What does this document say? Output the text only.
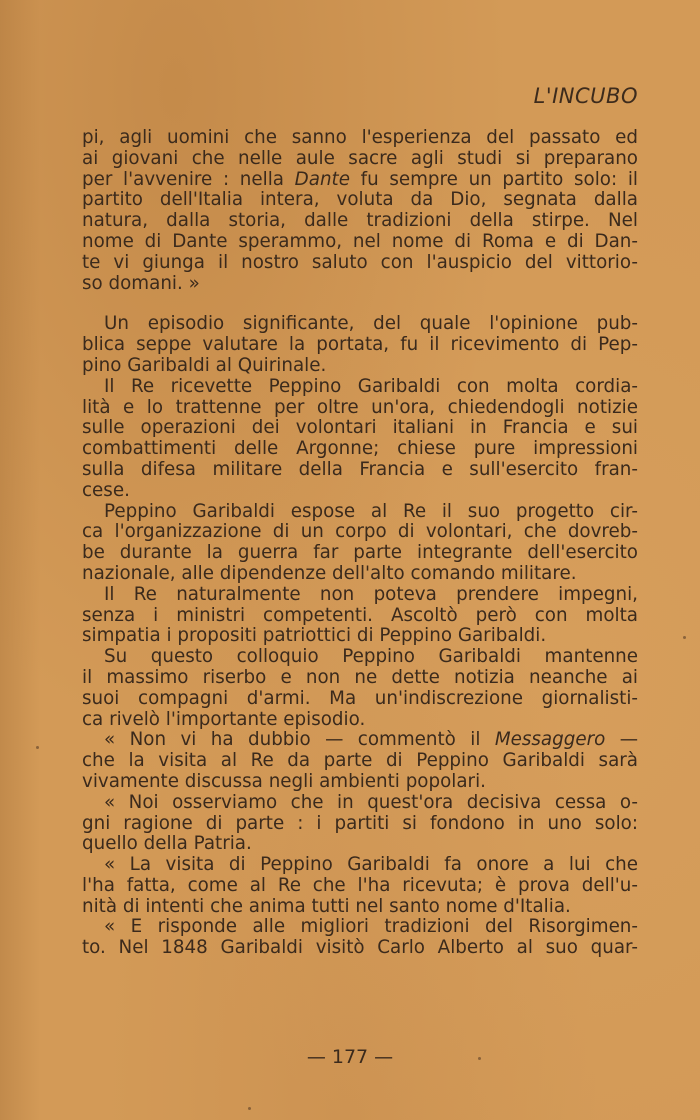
L'INCUBO

pi, agli uomini che sanno l'esperienza del passato ed

ai giovani che nelle aule sacre agli studi si preparano

per l'avvenire : nella Dante fu sempre un partito solo: il

partito dell'Italia intera, voluta da Dio, segnata dalla

natura, dalla storia, dalle tradizioni della stirpe. Nel

nome di Dante sperammo, nel nome di Roma e di Dan-

te vi giunga il nostro saluto con l'auspicio del vittorio-

so domani. »

Un episodio significante, del quale l'opinione pub-

blica seppe valutare la portata, fu il ricevimento di Pep-

pino Garibaldi al Quirinale.

Il Re ricevette Peppino Garibaldi con molta cordia-

lità e lo trattenne per oltre un'ora, chiedendogli notizie

sulle operazioni dei volontari italiani in Francia e sui

combattimenti delle Argonne; chiese pure impressioni

sulla difesa militare della Francia e sull'esercito fran-

cese.

Peppino Garibaldi espose al Re il suo progetto cir-

ca l'organizzazione di un corpo di volontari, che dovreb-

be durante la guerra far parte integrante dell'esercito

nazionale, alle dipendenze dell'alto comando militare.

Il Re naturalmente non poteva prendere impegni,

senza i ministri competenti. Ascoltò però con molta

simpatia i propositi patriottici di Peppino Garibaldi.

Su questo colloquio Peppino Garibaldi mantenne

il massimo riserbo e non ne dette notizia neanche ai

suoi compagni d'armi. Ma un'indiscrezione giornalisti-

ca rivelò l'importante episodio.

« Non vi ha dubbio — commentò il Messaggero —

che la visita al Re da parte di Peppino Garibaldi sarà

vivamente discussa negli ambienti popolari.

« Noi osserviamo che in quest'ora decisiva cessa o-

gni ragione di parte : i partiti si fondono in uno solo:

quello della Patria.

« La visita di Peppino Garibaldi fa onore a lui che

l'ha fatta, come al Re che l'ha ricevuta; è prova dell'u-

nità di intenti che anima tutti nel santo nome d'Italia.

« E risponde alle migliori tradizioni del Risorgimen-

to. Nel 1848 Garibaldi visitò Carlo Alberto al suo quar-

— 177 —
